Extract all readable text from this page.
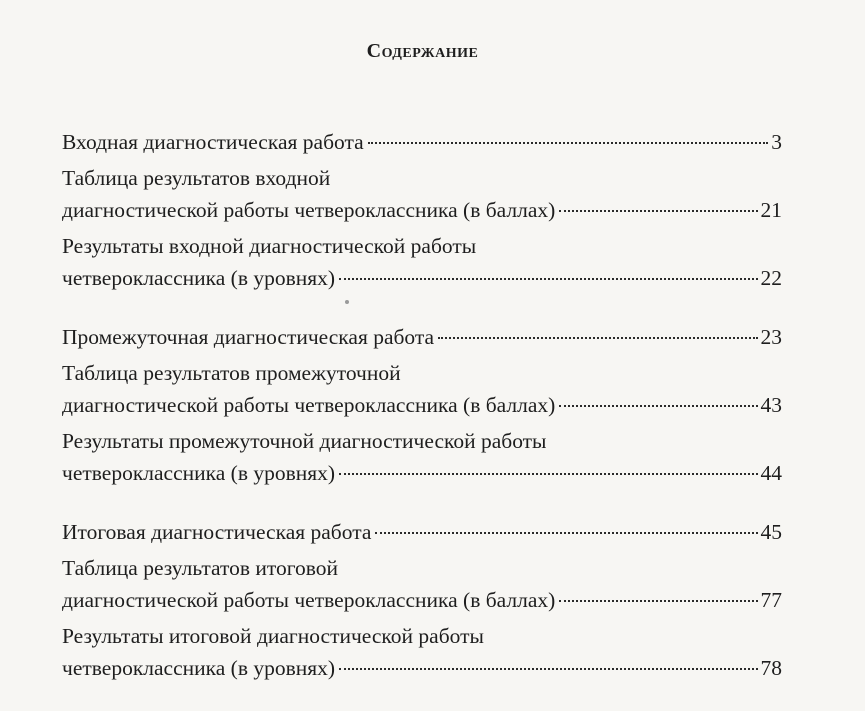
Содержание
Входная диагностическая работа	3
Таблица результатов входной
диагностической работы четвероклассника (в баллах)	21
Результаты входной диагностической работы
четвероклассника (в уровнях)	22
Промежуточная диагностическая работа	23
Таблица результатов промежуточной
диагностической работы четвероклассника (в баллах)	43
Результаты промежуточной диагностической работы
четвероклассника (в уровнях)	44
Итоговая диагностическая работа	45
Таблица результатов итоговой
диагностической работы четвероклассника (в баллах)	77
Результаты итоговой диагностической работы
четвероклассника (в уровнях)	78
